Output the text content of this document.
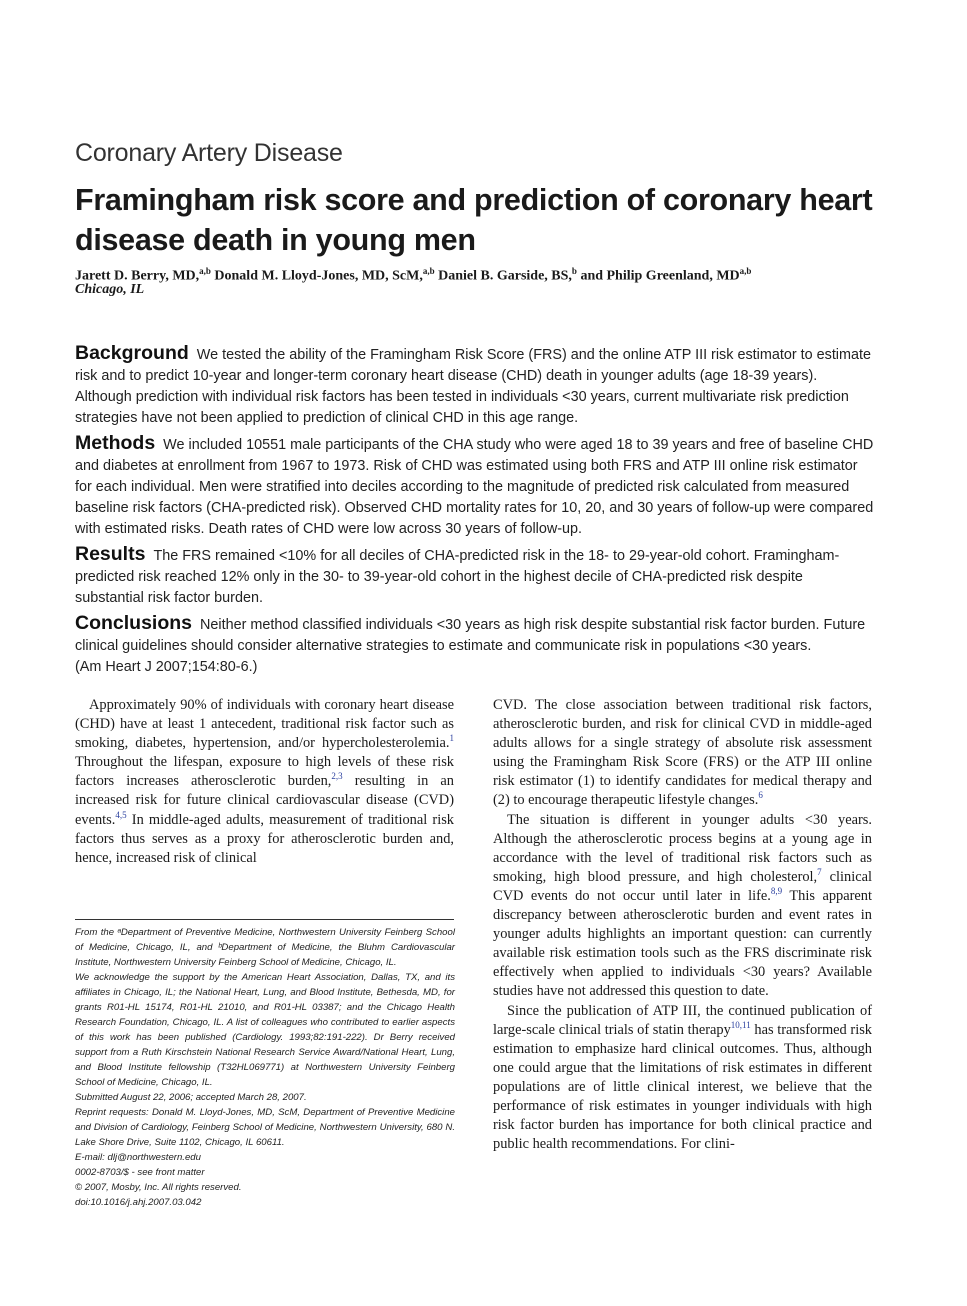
Coronary Artery Disease
Framingham risk score and prediction of coronary heart disease death in young men
Jarett D. Berry, MD,$^{a,b}$ Donald M. Lloyd-Jones, MD, ScM,$^{a,b}$ Daniel B. Garside, BS,$^b$ and Philip Greenland, MD$^{a,b}$
Chicago, IL

Background We tested the ability of the Framingham Risk Score (FRS) and the online ATP III risk estimator to estimate risk and to predict 10-year and longer-term coronary heart disease (CHD) death in younger adults (age 18-39 years). Although prediction with individual risk factors has been tested in individuals <30 years, current multivariate risk prediction strategies have not been applied to prediction of clinical CHD in this age range.

Methods We included 10551 male participants of the CHA study who were aged 18 to 39 years and free of baseline CHD and diabetes at enrollment from 1967 to 1973. Risk of CHD was estimated using both FRS and ATP III online risk estimator for each individual. Men were stratified into deciles according to the magnitude of predicted risk calculated from measured baseline risk factors (CHA-predicted risk). Observed CHD mortality rates for 10, 20, and 30 years of follow-up were compared with estimated risks. Death rates of CHD were low across 30 years of follow-up.

Results The FRS remained <10% for all deciles of CHA-predicted risk in the 18- to 29-year-old cohort. Framingham-predicted risk reached 12% only in the 30- to 39-year-old cohort in the highest decile of CHA-predicted risk despite substantial risk factor burden.

Conclusions Neither method classified individuals <30 years as high risk despite substantial risk factor burden. Future clinical guidelines should consider alternative strategies to estimate and communicate risk in populations <30 years.
(Am Heart J 2007;154:80-6.)

Approximately 90% of individuals with coronary heart disease (CHD) have at least 1 antecedent, traditional risk factor such as smoking, diabetes, hypertension, and/or hypercholesterolemia.$^1$ Throughout the lifespan, exposure to high levels of these risk factors increases atherosclerotic burden,$^{2,3}$ resulting in an increased risk for future clinical cardiovascular disease (CVD) events.$^{4,5}$ In middle-aged adults, measurement of traditional risk factors thus serves as a proxy for atherosclerotic burden and, hence, increased risk of clinical

From the ᵃDepartment of Preventive Medicine, Northwestern University Feinberg School of Medicine, Chicago, IL, and ᵇDepartment of Medicine, the Bluhm Cardiovascular Institute, Northwestern University Feinberg School of Medicine, Chicago, IL.

We acknowledge the support by the American Heart Association, Dallas, TX, and its affiliates in Chicago, IL; the National Heart, Lung, and Blood Institute, Bethesda, MD, for grants R01-HL 15174, R01-HL 21010, and R01-HL 03387; and the Chicago Health Research Foundation, Chicago, IL. A list of colleagues who contributed to earlier aspects of this work has been published (Cardiology. 1993;82:191-222). Dr Berry received support from a Ruth Kirschstein National Research Service Award/National Heart, Lung, and Blood Institute fellowship (T32HL069771) at Northwestern University Feinberg School of Medicine, Chicago, IL.

Submitted August 22, 2006; accepted March 28, 2007.

Reprint requests: Donald M. Lloyd-Jones, MD, ScM, Department of Preventive Medicine and Division of Cardiology, Feinberg School of Medicine, Northwestern University, 680 N. Lake Shore Drive, Suite 1102, Chicago, IL 60611.

E-mail: dlj@northwestern.edu

0002-8703/$ - see front matter

© 2007, Mosby, Inc. All rights reserved.

doi:10.1016/j.ahj.2007.03.042

CVD. The close association between traditional risk factors, atherosclerotic burden, and risk for clinical CVD in middle-aged adults allows for a single strategy of absolute risk assessment using the Framingham Risk Score (FRS) or the ATP III online risk estimator (1) to identify candidates for medical therapy and (2) to encourage therapeutic lifestyle changes.$^6$

The situation is different in younger adults <30 years. Although the atherosclerotic process begins at a young age in accordance with the level of traditional risk factors such as smoking, high blood pressure, and high cholesterol,$^7$ clinical CVD events do not occur until later in life.$^{8,9}$ This apparent discrepancy between atherosclerotic burden and event rates in younger adults highlights an important question: can currently available risk estimation tools such as the FRS discriminate risk effectively when applied to individuals <30 years? Available studies have not addressed this question to date.

Since the publication of ATP III, the continued publication of large-scale clinical trials of statin therapy$^{10,11}$ has transformed risk estimation to emphasize hard clinical outcomes. Thus, although one could argue that the limitations of risk estimates in different populations are of little clinical interest, we believe that the performance of risk estimates in younger individuals with high risk factor burden has importance for both clinical practice and public health recommendations. For clini-
